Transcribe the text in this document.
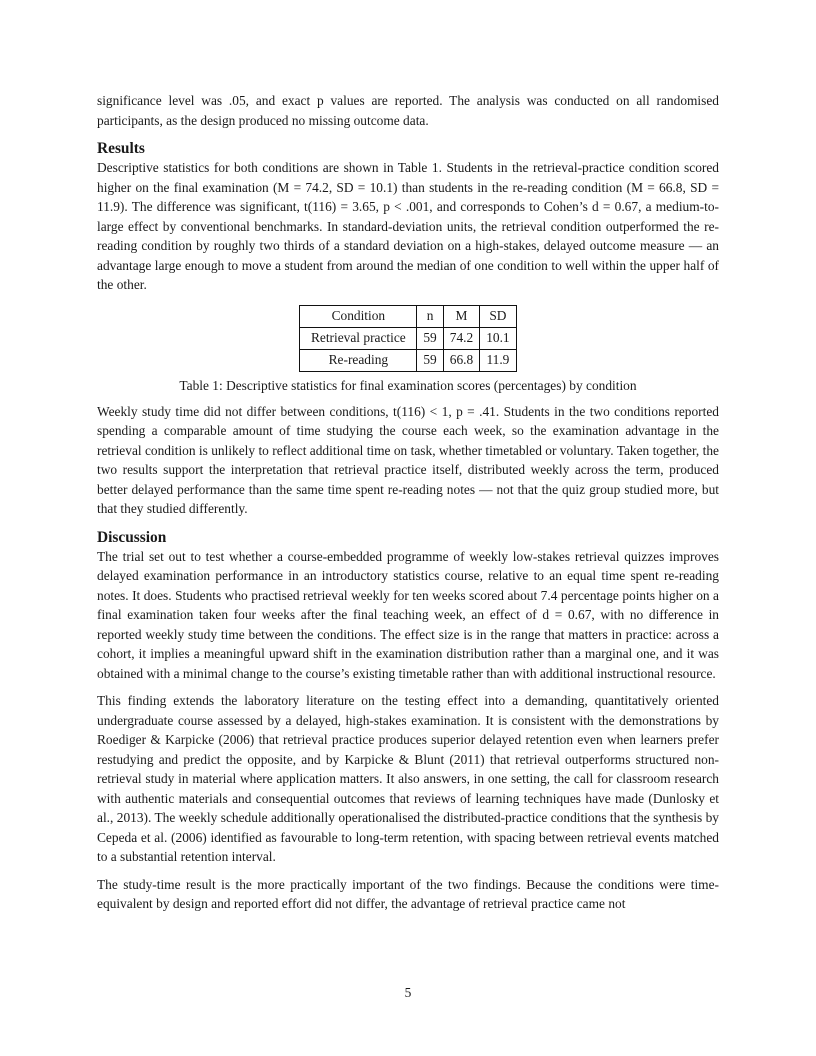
significance level was .05, and exact p values are reported. The analysis was conducted on all randomised participants, as the design produced no missing outcome data.

Results

Descriptive statistics for both conditions are shown in Table 1. Students in the retrieval-practice condition scored higher on the final examination (M = 74.2, SD = 10.1) than students in the re-reading condition (M = 66.8, SD = 11.9). The difference was significant, t(116) = 3.65, p < .001, and corresponds to Cohen’s d = 0.67, a medium-to-large effect by conventional benchmarks. In standard-deviation units, the retrieval condition outperformed the re-reading condition by roughly two thirds of a standard deviation on a high-stakes, delayed outcome measure — an advantage large enough to move a student from around the median of one condition to well within the upper half of the other.

Condition	n	M	SD
Retrieval practice	59	74.2	10.1
Re-reading	59	66.8	11.9
Table 1: Descriptive statistics for final examination scores (percentages) by condition

Weekly study time did not differ between conditions, t(116) < 1, p = .41. Students in the two conditions reported spending a comparable amount of time studying the course each week, so the examination advantage in the retrieval condition is unlikely to reflect additional time on task, whether timetabled or voluntary. Taken together, the two results support the interpretation that retrieval practice itself, distributed weekly across the term, produced better delayed performance than the same time spent re-reading notes — not that the quiz group studied more, but that they studied differently.

Discussion

The trial set out to test whether a course-embedded programme of weekly low-stakes retrieval quizzes improves delayed examination performance in an introductory statistics course, relative to an equal time spent re-reading notes. It does. Students who practised retrieval weekly for ten weeks scored about 7.4 percentage points higher on a final examination taken four weeks after the final teaching week, an effect of d = 0.67, with no difference in reported weekly study time between the conditions. The effect size is in the range that matters in practice: across a cohort, it implies a meaningful upward shift in the examination distribution rather than a marginal one, and it was obtained with a minimal change to the course’s existing timetable rather than with additional instructional resource.

This finding extends the laboratory literature on the testing effect into a demanding, quantitatively oriented undergraduate course assessed by a delayed, high-stakes examination. It is consistent with the demonstrations by Roediger & Karpicke (2006) that retrieval practice produces superior delayed retention even when learners prefer restudying and predict the opposite, and by Karpicke & Blunt (2011) that retrieval outperforms structured non-retrieval study in material where application matters. It also answers, in one setting, the call for classroom research with authentic materials and consequential outcomes that reviews of learning techniques have made (Dunlosky et al., 2013). The weekly schedule additionally operationalised the distributed-practice conditions that the synthesis by Cepeda et al. (2006) identified as favourable to long-term retention, with spacing between retrieval events matched to a substantial retention interval.

The study-time result is the more practically important of the two findings. Because the conditions were time-equivalent by design and reported effort did not differ, the advantage of retrieval practice came not

5
